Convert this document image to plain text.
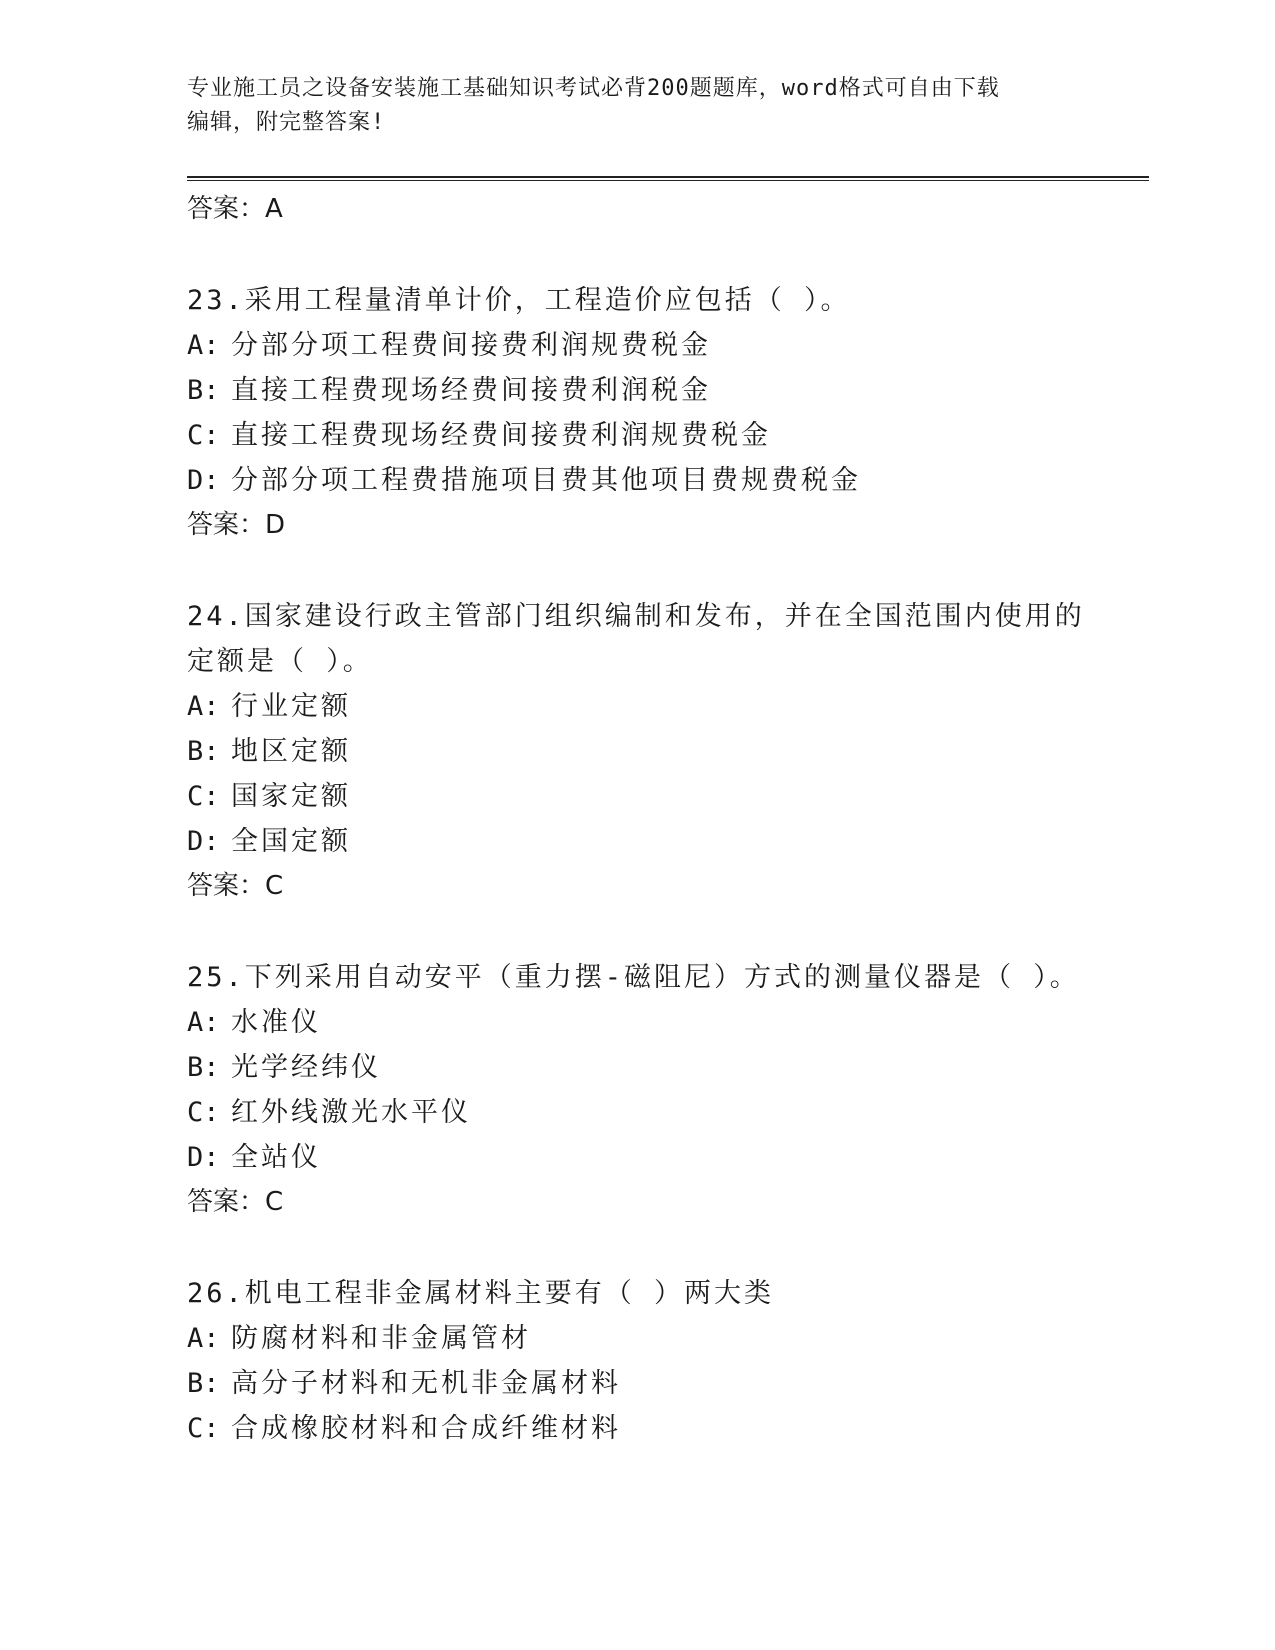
专业施工员之设备安装施工基础知识考试必背200题题库，word格式可自由下载
编辑，附完整答案!
答案：A
23.采用工程量清单计价，工程造价应包括（ ）。
A: 分部分项工程费间接费利润规费税金
B: 直接工程费现场经费间接费利润税金
C: 直接工程费现场经费间接费利润规费税金
D: 分部分项工程费措施项目费其他项目费规费税金
答案：D
24.国家建设行政主管部门组织编制和发布，并在全国范围内使用的定额是（ ）。
A: 行业定额
B: 地区定额
C: 国家定额
D: 全国定额
答案：C
25.下列采用自动安平（重力摆-磁阻尼）方式的测量仪器是（ ）。
A: 水准仪
B: 光学经纬仪
C: 红外线激光水平仪
D: 全站仪
答案：C
26.机电工程非金属材料主要有（ ）两大类
A: 防腐材料和非金属管材
B: 高分子材料和无机非金属材料
C: 合成橡胶材料和合成纤维材料
